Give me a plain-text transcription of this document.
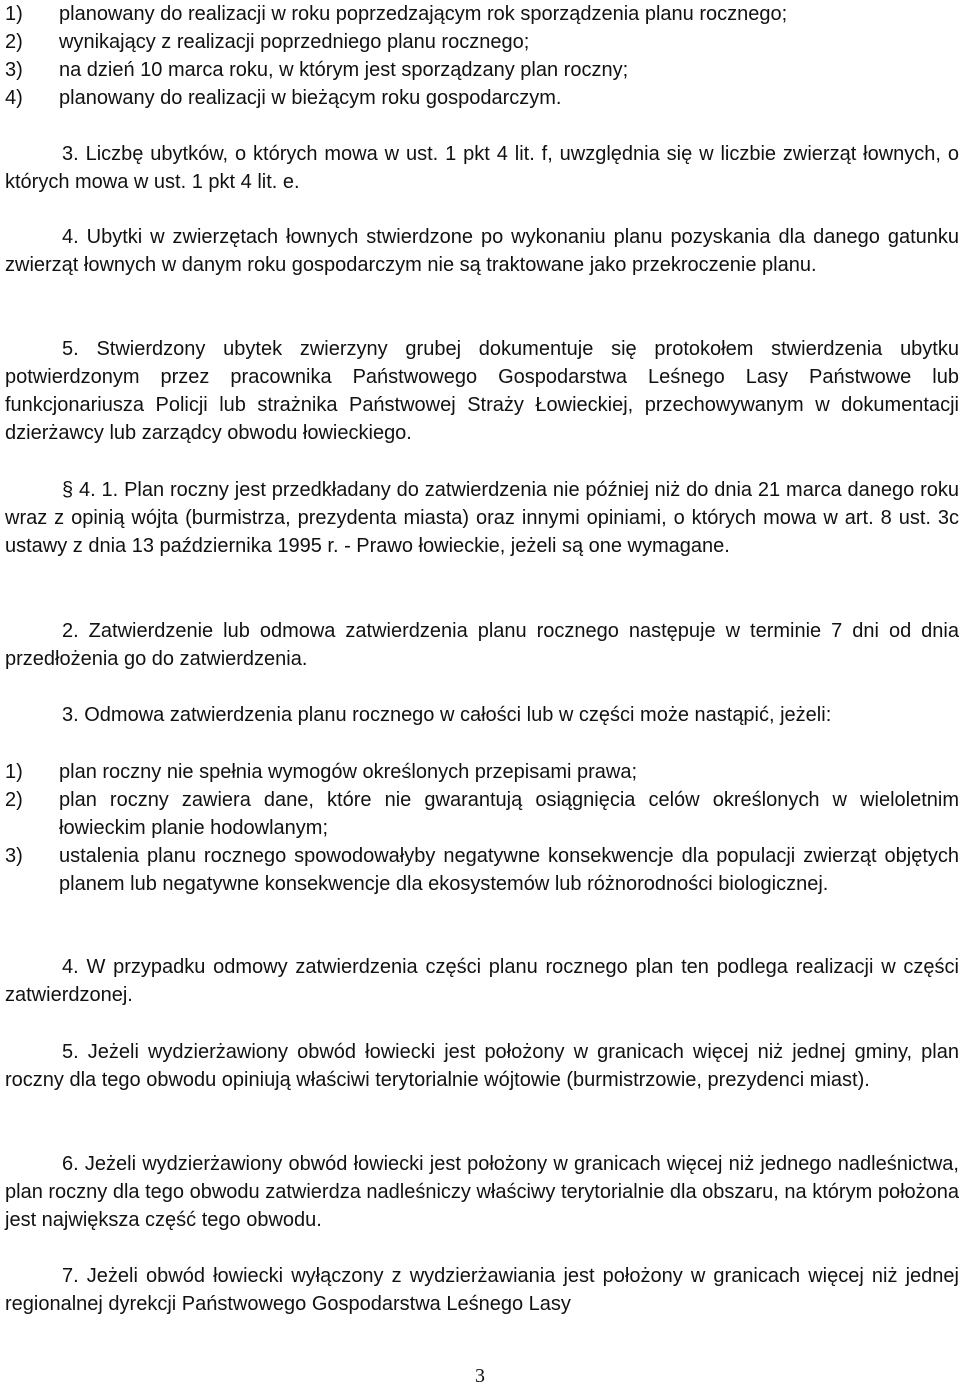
1) planowany do realizacji w roku poprzedzającym rok sporządzenia planu rocznego;
2) wynikający z realizacji poprzedniego planu rocznego;
3) na dzień 10 marca roku, w którym jest sporządzany plan roczny;
4) planowany do realizacji w bieżącym roku gospodarczym.

3. Liczbę ubytków, o których mowa w ust. 1 pkt 4 lit. f, uwzględnia się w liczbie zwierząt łownych, o których mowa w ust. 1 pkt 4 lit. e.

4. Ubytki w zwierzętach łownych stwierdzone po wykonaniu planu pozyskania dla danego gatunku zwierząt łownych w danym roku gospodarczym nie są traktowane jako przekroczenie planu.

5. Stwierdzony ubytek zwierzyny grubej dokumentuje się protokołem stwierdzenia ubytku potwierdzonym przez pracownika Państwowego Gospodarstwa Leśnego Lasy Państwowe lub funkcjonariusza Policji lub strażnika Państwowej Straży Łowieckiej, przechowywanym w dokumentacji dzierżawcy lub zarządcy obwodu łowieckiego.

§ 4. 1. Plan roczny jest przedkładany do zatwierdzenia nie później niż do dnia 21 marca danego roku wraz z opinią wójta (burmistrza, prezydenta miasta) oraz innymi opiniami, o których mowa w art. 8 ust. 3c ustawy z dnia 13 października 1995 r. - Prawo łowieckie, jeżeli są one wymagane.

2. Zatwierdzenie lub odmowa zatwierdzenia planu rocznego następuje w terminie 7 dni od dnia przedłożenia go do zatwierdzenia.

3. Odmowa zatwierdzenia planu rocznego w całości lub w części może nastąpić, jeżeli:

1) plan roczny nie spełnia wymogów określonych przepisami prawa;
2) plan roczny zawiera dane, które nie gwarantują osiągnięcia celów określonych w wieloletnim łowieckim planie hodowlanym;
3) ustalenia planu rocznego spowodowałyby negatywne konsekwencje dla populacji zwierząt objętych planem lub negatywne konsekwencje dla ekosystemów lub różnorodności biologicznej.

4. W przypadku odmowy zatwierdzenia części planu rocznego plan ten podlega realizacji w części zatwierdzonej.

5. Jeżeli wydzierżawiony obwód łowiecki jest położony w granicach więcej niż jednej gminy, plan roczny dla tego obwodu opiniują właściwi terytorialnie wójtowie (burmistrzowie, prezydenci miast).

6. Jeżeli wydzierżawiony obwód łowiecki jest położony w granicach więcej niż jednego nadleśnictwa, plan roczny dla tego obwodu zatwierdza nadleśniczy właściwy terytorialnie dla obszaru, na którym położona jest największa część tego obwodu.

7. Jeżeli obwód łowiecki wyłączony z wydzierżawiania jest położony w granicach więcej niż jednej regionalnej dyrekcji Państwowego Gospodarstwa Leśnego Lasy

3
